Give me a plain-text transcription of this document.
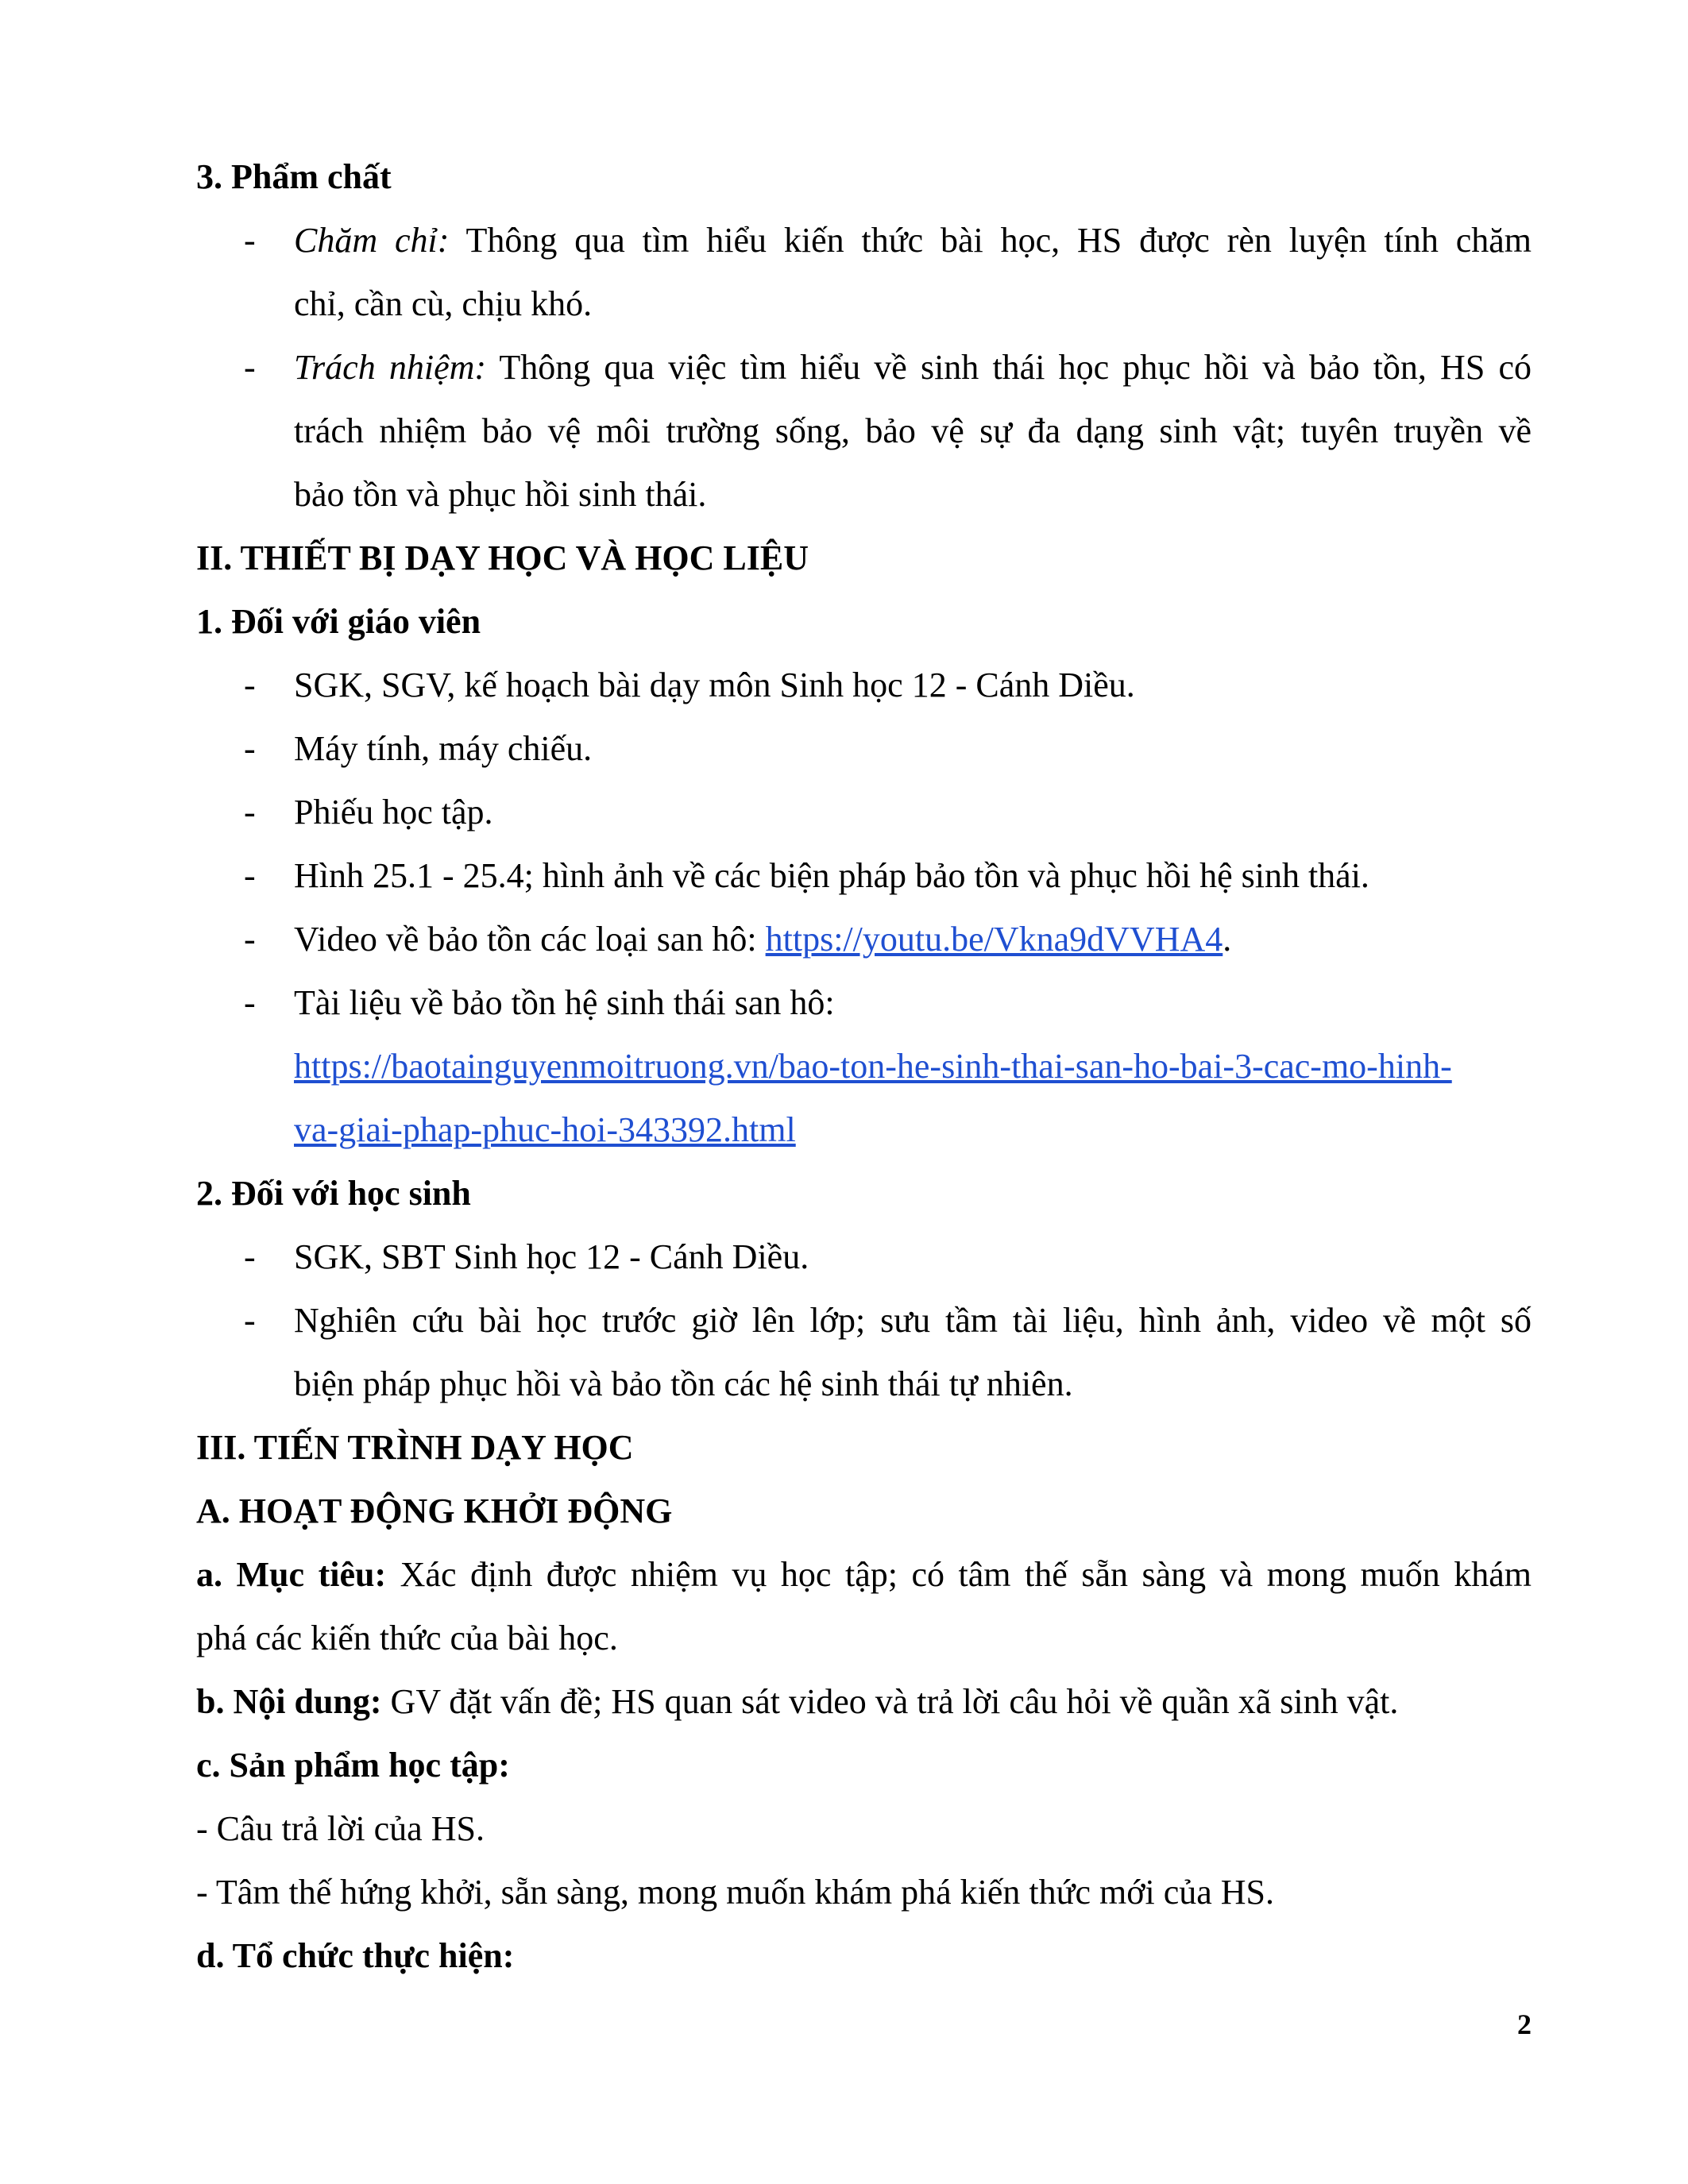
3. Phẩm chất
- Chăm chỉ: Thông qua tìm hiểu kiến thức bài học, HS được rèn luyện tính chăm
chỉ, cần cù, chịu khó.
- Trách nhiệm: Thông qua việc tìm hiểu về sinh thái học phục hồi và bảo tồn, HS có
trách nhiệm bảo vệ môi trường sống, bảo vệ sự đa dạng sinh vật; tuyên truyền về
bảo tồn và phục hồi sinh thái.
II. THIẾT BỊ DẠY HỌC VÀ HỌC LIỆU
1. Đối với giáo viên
- SGK, SGV, kế hoạch bài dạy môn Sinh học 12 - Cánh Diều.
- Máy tính, máy chiếu.
- Phiếu học tập.
- Hình 25.1 - 25.4; hình ảnh về các biện pháp bảo tồn và phục hồi hệ sinh thái.
- Video về bảo tồn các loại san hô: https://youtu.be/Vkna9dVVHA4.
- Tài liệu về bảo tồn hệ sinh thái san hô:
https://baotainguyenmoitruong.vn/bao-ton-he-sinh-thai-san-ho-bai-3-cac-mo-hinh-
va-giai-phap-phuc-hoi-343392.html
2. Đối với học sinh
- SGK, SBT Sinh học 12 - Cánh Diều.
- Nghiên cứu bài học trước giờ lên lớp; sưu tầm tài liệu, hình ảnh, video về một số
biện pháp phục hồi và bảo tồn các hệ sinh thái tự nhiên.
III. TIẾN TRÌNH DẠY HỌC
A. HOẠT ĐỘNG KHỞI ĐỘNG
a. Mục tiêu: Xác định được nhiệm vụ học tập; có tâm thế sẵn sàng và mong muốn khám
phá các kiến thức của bài học.
b. Nội dung: GV đặt vấn đề; HS quan sát video và trả lời câu hỏi về quần xã sinh vật.
c. Sản phẩm học tập:
- Câu trả lời của HS.
- Tâm thế hứng khởi, sẵn sàng, mong muốn khám phá kiến thức mới của HS.
d. Tổ chức thực hiện:
2
